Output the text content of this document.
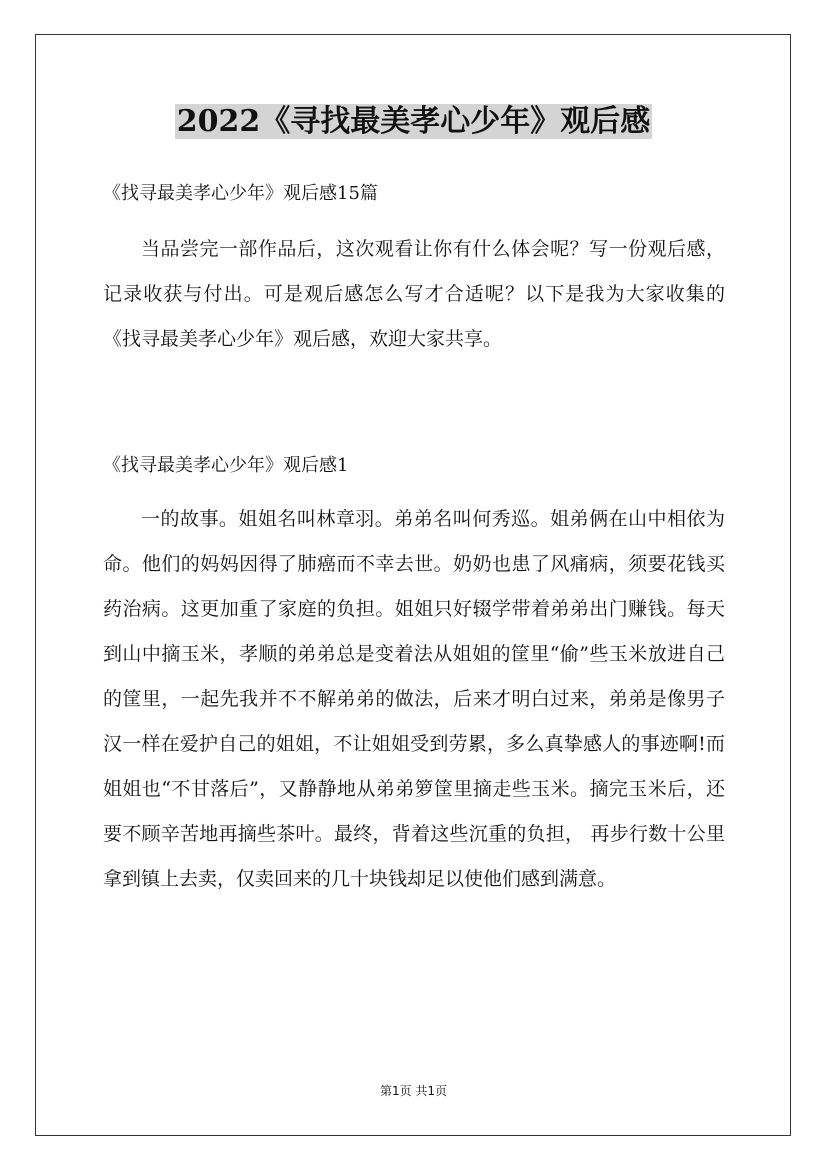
2022《寻找最美孝心少年》观后感
《找寻最美孝心少年》观后感15篇

当品尝完一部作品后，这次观看让你有什么体会呢？写一份观后感，记录收获与付出。可是观后感怎么写才合适呢？以下是我为大家收集的《找寻最美孝心少年》观后感，欢迎大家共享。

《找寻最美孝心少年》观后感1

一的故事。姐姐名叫林章羽。弟弟名叫何秀巡。姐弟俩在山中相依为命。他们的妈妈因得了肺癌而不幸去世。奶奶也患了风痛病，须要花钱买药治病。这更加重了家庭的负担。姐姐只好辍学带着弟弟出门赚钱。每天到山中摘玉米，孝顺的弟弟总是变着法从姐姐的筐里“偷”些玉米放进自己的筐里，一起先我并不不解弟弟的做法，后来才明白过来，弟弟是像男子汉一样在爱护自己的姐姐，不让姐姐受到劳累，多么真挚感人的事迹啊!而姐姐也“不甘落后”，又静静地从弟弟箩筐里摘走些玉米。摘完玉米后，还要不顾辛苦地再摘些茶叶。最终，背着这些沉重的负担， 再步行数十公里拿到镇上去卖，仅卖回来的几十块钱却足以使他们感到满意。

第1页 共1页
